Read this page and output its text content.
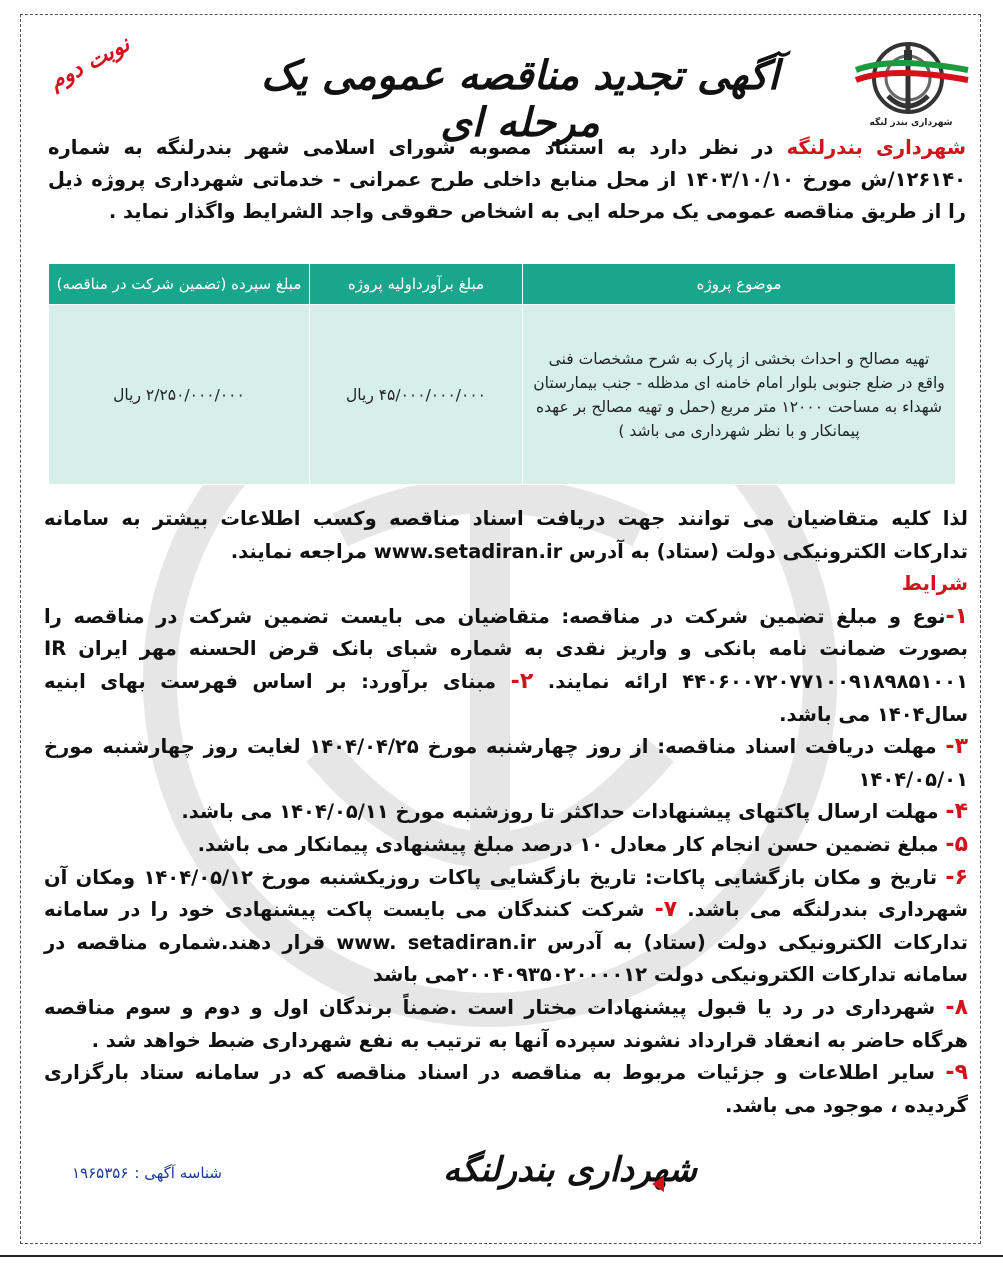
شهرداری بندر لنگه
آگهی تجدید مناقصه عمومی یک مرحله ای
نوبت دوم
شهرداری بندرلنگه در نظر دارد به استناد مصوبه شورای اسلامی شهر بندرلنگه به شماره ۱۲۶۱۴۰/ش مورخ ۱۴۰۳/۱۰/۱۰ از محل منابع داخلی طرح عمرانی - خدماتی شهرداری پروژه ذیل را از طریق مناقصه عمومی یک مرحله ایی به اشخاص حقوقی واجد الشرایط واگذار نماید .
موضوع پروژه	مبلغ برآورداولیه پروژه	مبلغ سپرده (تضمین شرکت در مناقصه)
تهیه مصالح و احداث بخشی از پارک به شرح مشخصات فنی واقع در ضلع جنوبی بلوار امام خامنه ای مدظله - جنب بیمارستان شهداء به مساحت ۱۲۰۰۰ متر مربع (حمل و تهیه مصالح بر عهده پیمانکار و با نظر شهرداری می باشد )	۴۵/۰۰۰/۰۰۰/۰۰۰ ریال	۲/۲۵۰/۰۰۰/۰۰۰ ریال

لذا کلیه متقاضیان می توانند جهت دریافت اسناد مناقصه وکسب اطلاعات بیشتر به سامانه تدارکات الکترونیکی دولت (ستاد) به آدرس www.setadiran.ir مراجعه نمایند.

شرایط

۱-نوع و مبلغ تضمین شرکت در مناقصه: متقاضیان می بایست تضمین شرکت در مناقصه را بصورت ضمانت نامه بانکی و واریز نقدی به شماره شبای بانک قرض الحسنه مهر ایران IR ۴۴۰۶۰۰۷۲۰۷۷۱۰۰۹۱۸۹۸۵۱۰۰۱ ارائه نمایند. ۲- مبنای برآورد: بر اساس فهرست بهای ابنیه سال۱۴۰۴ می باشد.

۳- مهلت دریافت اسناد مناقصه: از روز چهارشنبه مورخ ۱۴۰۴/۰۴/۲۵ لغایت روز چهارشنبه مورخ ۱۴۰۴/۰۵/۰۱

۴- مهلت ارسال پاکتهای پیشنهادات حداکثر تا روزشنبه مورخ ۱۴۰۴/۰۵/۱۱ می باشد.

۵- مبلغ تضمین حسن انجام کار معادل ۱۰ درصد مبلغ پیشنهادی پیمانکار می باشد.

۶- تاریخ و مکان بازگشایی پاکات: تاریخ بازگشایی پاکات روزیکشنبه مورخ ۱۴۰۴/۰۵/۱۲ ومکان آن شهرداری بندرلنگه می باشد. ۷- شرکت کنندگان می بایست پاکت پیشنهادی خود را در سامانه تدارکات الکترونیکی دولت (ستاد) به آدرس www. setadiran.ir قرار دهند.شماره مناقصه در سامانه تدارکات الکترونیکی دولت ۲۰۰۴۰۹۳۵۰۲۰۰۰۰۱۲می باشد

۸- شهرداری در رد یا قبول پیشنهادات مختار است .ضمناً برندگان اول و دوم و سوم مناقصه هرگاه حاضر به انعقاد قرارداد نشوند سپرده آنها به ترتیب به نفع شهرداری ضبط خواهد شد .

۹- سایر اطلاعات و جزئیات مربوط به مناقصه در اسناد مناقصه که در سامانه ستاد بارگزاری گردیده ، موجود می باشد.

شهرداری بندرلنگه
شناسه آگهی :۱۹۶۵۳۵۶
